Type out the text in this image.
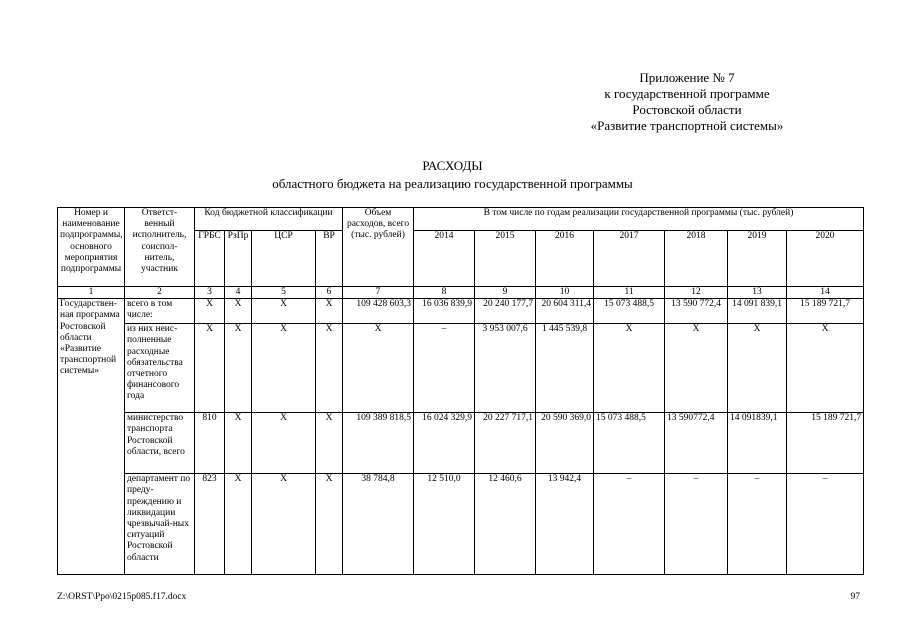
Приложение № 7
к государственной программе
Ростовской области
«Развитие транспортной системы»
РАСХОДЫ
областного бюджета на реализацию государственной программы
Номер и наименование подпрограммы, основного мероприятия подпрограммы	Ответст-венный исполнитель, соиспол-нитель, участник	Код бюджетной классификации				Объем расходов, всего (тыс. рублей)	В том числе по годам реализации государственной программы (тыс. рублей)						
		ГРБС	РзПр	ЦСР	ВР		2014	2015	2016	2017	2018	2019	2020
1	2	3	4	5	6	7	8	9	10	11	12	13	14
Государствен-ная программа Ростовской области «Развитие транспортной системы»	всего в том числе:	Х	Х	Х	Х	109 428 603,3	16 036 839,9	20 240 177,7	20 604 311,4	15 073 488,5	13 590 772,4	14 091 839,1	15 189 721,7
	из них неис-полненные расходные обязательства отчетного финансового года	Х	Х	Х	Х	Х	–	3 953 007,6	1 445 539,8	Х	Х	Х	Х
	министерство транспорта Ростовской области, всего	810	Х	Х	Х	109 389 818,5	16 024 329,9	20 227 717,1	20 590 369,0	15 073 488,5	13 590772,4	14 091839,1	15 189 721,7
	департамент по преду-преждению и ликвидации чрезвычай-ных ситуаций Ростовской области	823	Х	Х	Х	38 784,8	12 510,0	12 460,6	13 942,4	–	–	–	–
Z:\ORST\Ppo\0215p085.f17.docx	97
